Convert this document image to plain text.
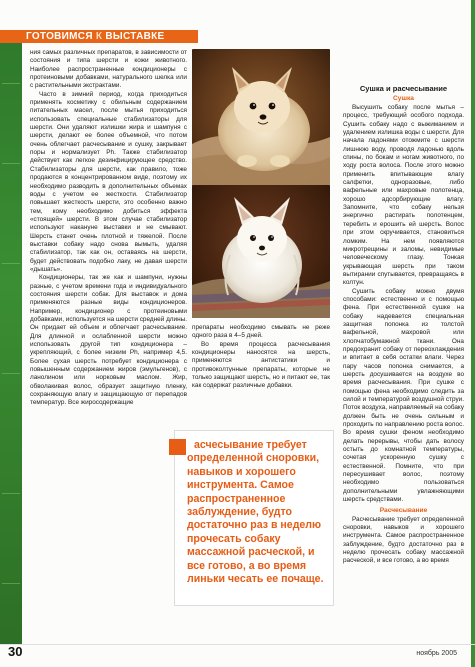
ГОТОВИМСЯ К ВЫСТАВКЕ

ния самых различных препаратов, в зависимости от состояния и типа шерсти и кожи животного. Наиболее распространенные кондиционеры с протеиновыми добавками, натурального шелка или с растительными экстрактами.

Часто в зимний период, когда приходиться применять косметику с обильным содержанием питательных масел, после мытья приходиться использовать специальные стабилизаторы для шерсти. Они удаляют излишки жира и шампуня с шерсти, делают ее более объемной, что потом очень облегчает расчесывание и сушку, закрывает поры и нормализует Рh. Также стабилизатор действует как легкое дезинфицирующее средство. Стабилизаторы для шерсти, как правило, тоже продаются в концентрированном виде, поэтому их необходимо разводить в дополнительных объемах воды с учетом ее жесткости. Стабилизатор повышает жесткость шерсти, это особенно важно тем, кому необходимо добиться эффекта «стоящей» шерсти. В этом случае стабилизатор используют накануне выставки и не смывают. Шерсть станет очень плотной и тяжелой. После выставки собаку надо снова вымыть, удаляя стабилизатор, так как он, оставаясь на шерсти, будет действовать подобно лаку, не давая шерсти «дышать».

Кондиционеры, так же как и шампуни, нужны разные, с учетом времени года и индивидуального состояния шерсти собак. Для выставок и дома применяются разные виды кондиционеров. Например, кондиционер с протеиновыми добавками, используется на шерсти средней длины. Он придает ей объем и облегчает расчесывание. Для длинной и ослабленной шерсти можно использовать другой тип кондиционера – укрепляющий, с более низким Рh, например 4,5. Более сухая шерсть потребует кондиционера с повышенным содержанием жиров (эмульгенов), с ланолином или норковым маслом. Жир, обволакивая волос, образует защитную пленку, сохраняющую влагу и защищающую от перепадов температур. Все жиросодержащие

препараты необходимо смывать не реже одного раза в 4–5 дней.

Во время процесса расчесывания кондиционеры наносятся на шерсть, применяются антистатики и противоколтунные препараты, которые не только защищают шерсть, но и питают ее, так как содержат различные добавки.

Расчесывание требует определенной сноровки, навыков и хорошего инструмента. Самое распространенное заблуждение, будто достаточно раз в неделю прочесать собаку массажной расческой, и все готово, а во время линьки чесать ее почаще.
Сушка и расчесывание
Сушка

Высушить собаку после мытья – процесс, требующий особого подхода. Сушить собаку надо с выжиманием и удалением излишка воды с шерсти. Для начала ладонями отожмите с шерсти лишнюю воду, проводя ладонью вдоль спины, по бокам и ногам животного, по ходу роста волоса. После этого можно применить впитывающие влагу салфетки, одноразовые, либо вафельные или махровые полотенца, хорошо адсорбирующие влагу. Запомните, что собаку нельзя энергично растирать полотенцем, теребить и ерошить ей шерсть. Волос при этом скручивается, становиться ломким. На нем появляются микротрещины и заломы, невидимые человеческому глазу. Тонкая укрывающая шерсть при таком вытирании спутывается, превращаясь в колтун.

Сушить собаку можно двумя способами: естественно и с помощью фена. При естественной сушке на собаку надевается специальная защитная попонка из толстой вафельной, махровой или хлопчатобумажной ткани. Она предохранит собаку от переохлаждения и впитает в себя остатки влаги. Через пару часов попонка снимается, а шерсть досушивается на воздухе во время расчесывания. При сушке с помощью фена необходимо следить за силой и температурой воздушной струи. Поток воздуха, направляемый на собаку должен быть не очень сильным и проходить по направлению роста волос. Во время сушки феном необходимо делать перерывы, чтобы дать волосу остыть до комнатной температуры, сочетая ускоренную сушку с естественной. Помните, что при пересушивает волос, поэтому необходимо пользоваться дополнительными увлажняющими шерсть средствами.

Расчесывание

Расчесывание требует определенной сноровки, навыков и хорошего инструмента. Самое распространенное заблуждение, будто достаточно раз в неделю прочесать собаку массажной расческой, и все готово, а во время

30	ноябрь 2005
